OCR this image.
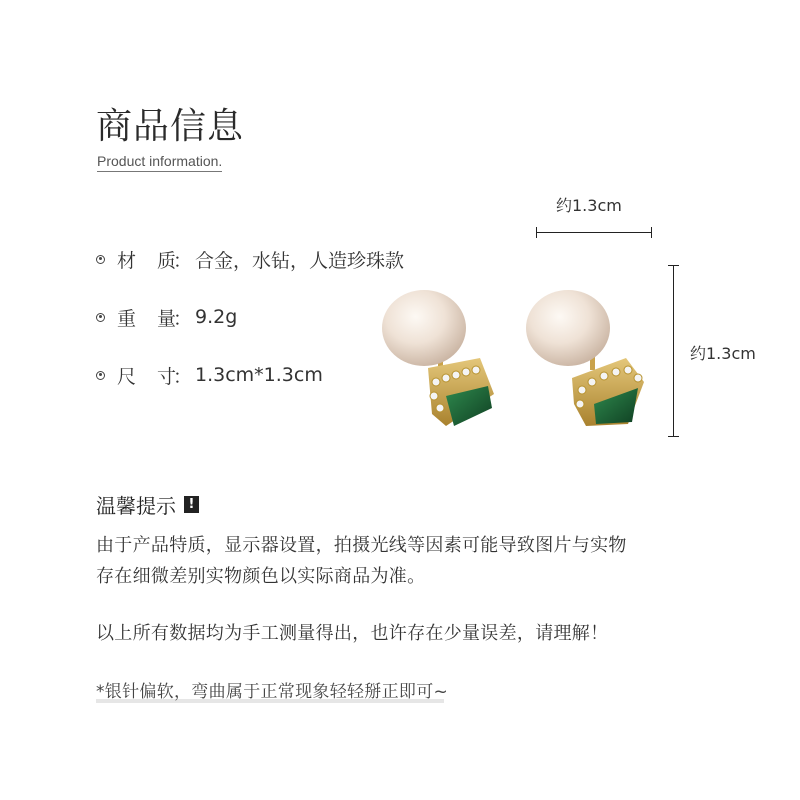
商品信息
Product information.
材	质
： 合金，水钻，人造珍珠款
重	量
： 9.2g
尺	寸
： 1.3cm*1.3cm
约1.3cm
约1.3cm
温馨提示 !
由于产品特质，显示器设置，拍摄光线等因素可能导致图片与实物
存在细微差别实物颜色以实际商品为准。
以上所有数据均为手工测量得出，也许存在少量误差，请理解！
*银针偏软，弯曲属于正常现象轻轻掰正即可~
